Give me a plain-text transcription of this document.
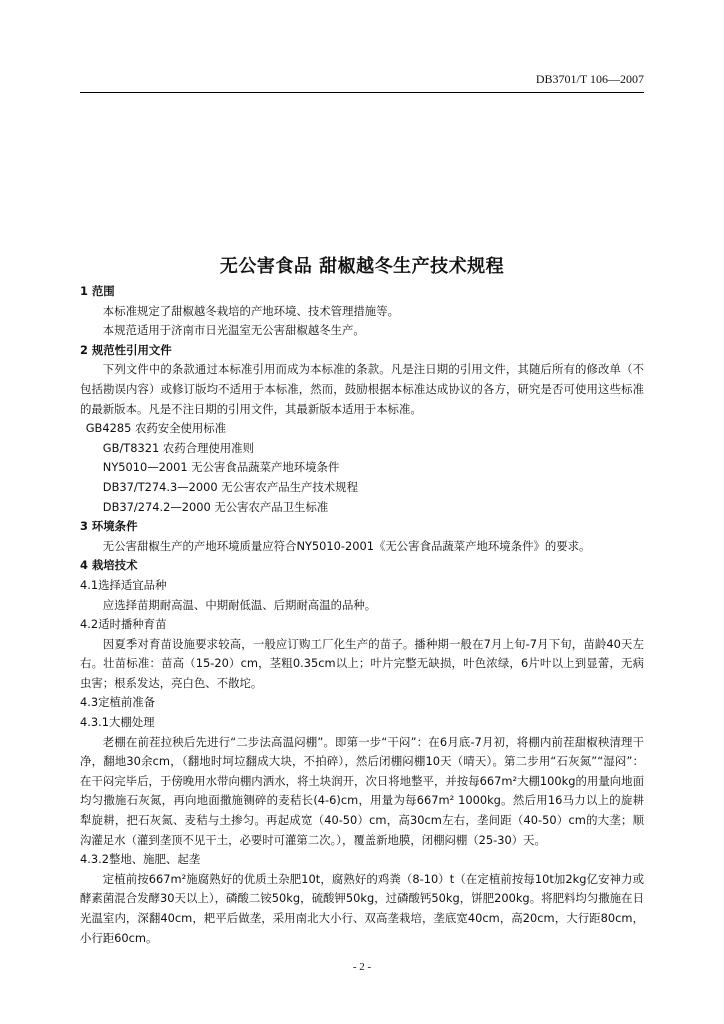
DB3701/T 106—2007
无公害食品 甜椒越冬生产技术规程
1 范围
本标准规定了甜椒越冬栽培的产地环境、技术管理措施等。
本规范适用于济南市日光温室无公害甜椒越冬生产。
2 规范性引用文件
下列文件中的条款通过本标准引用而成为本标准的条款。凡是注日期的引用文件，其随后所有的修改单（不包括勘误内容）或修订版均不适用于本标准，然而，鼓励根据本标准达成协议的各方，研究是否可使用这些标准的最新版本。凡是不注日期的引用文件，其最新版本适用于本标准。
GB4285 农药安全使用标准
GB/T8321 农药合理使用准则
NY5010—2001 无公害食品蔬菜产地环境条件
DB37/T274.3—2000 无公害农产品生产技术规程
DB37/274.2—2000 无公害农产品卫生标准
3 环境条件
无公害甜椒生产的产地环境质量应符合NY5010-2001《无公害食品蔬菜产地环境条件》的要求。
4 栽培技术
4.1选择适宜品种
应选择苗期耐高温、中期耐低温、后期耐高温的品种。
4.2适时播种育苗
因夏季对育苗设施要求较高，一般应订购工厂化生产的苗子。播种期一般在7月上旬-7月下旬，苗龄40天左右。壮苗标准：苗高（15-20）cm，茎粗0.35cm以上；叶片完整无缺损，叶色浓绿，6片叶以上到显蕾，无病虫害；根系发达，亮白色、不散坨。
4.3定植前准备
4.3.1大棚处理
老棚在前茬拉秧后先进行“二步法高温闷棚”。即第一步“干闷”：在6月底-7月初，将棚内前茬甜椒秧清理干净，翻地30余cm，（翻地时坷垃翻成大块，不拍碎），然后闭棚闷棚10天（晴天）。第二步用“石灰氮”“湿闷”：在干闷完毕后，于傍晚用水带向棚内洒水，将土块润开，次日将地整平，并按每667m²大棚100kg的用量向地面均匀撒施石灰氮，再向地面撒施铡碎的麦秸长(4-6)cm，用量为每667m² 1000kg。然后用16马力以上的旋耕犁旋耕，把石灰氮、麦秸与土掺匀。再起成宽（40-50）cm，高30cm左右，垄间距（40-50）cm的大垄；顺沟灌足水（灌到垄顶不见干土，必要时可灌第二次。），覆盖新地膜，闭棚闷棚（25-30）天。
4.3.2整地、施肥、起垄
定植前按667m²施腐熟好的优质土杂肥10t，腐熟好的鸡粪（8-10）t（在定植前按每10t加2kg亿安神力或酵素菌混合发酵30天以上），磷酸二铵50kg，硫酸钾50kg，过磷酸钙50kg，饼肥200kg。将肥料均匀撒施在日光温室内，深翻40cm，耙平后做垄，采用南北大小行、双高垄栽培，垄底宽40cm，高20cm，大行距80cm，小行距60cm。
- 2 -
